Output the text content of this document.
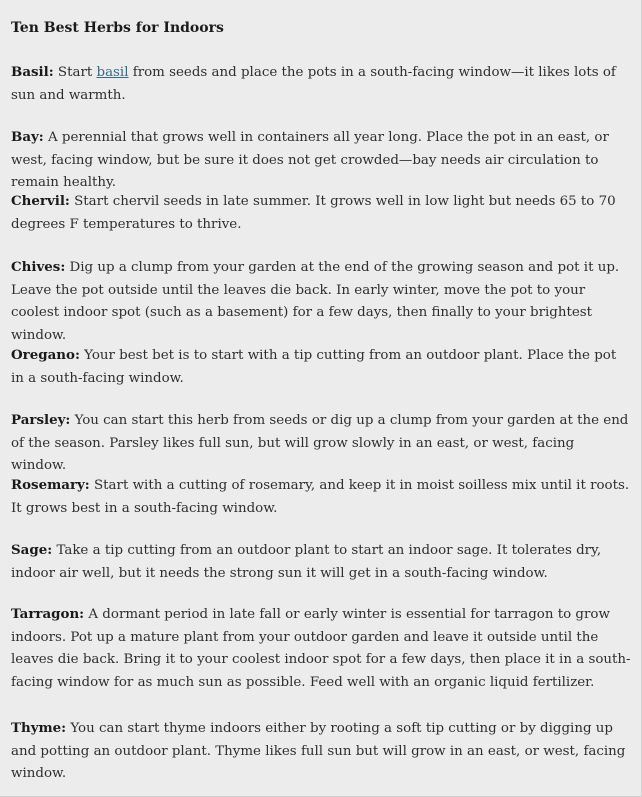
Ten Best Herbs for Indoors

Basil: Start basil from seeds and place the pots in a south-facing window—it likes lots of sun and warmth.

Bay: A perennial that grows well in containers all year long. Place the pot in an east, or west, facing window, but be sure it does not get crowded—bay needs air circulation to remain healthy.

Chervil: Start chervil seeds in late summer. It grows well in low light but needs 65 to 70 degrees F temperatures to thrive.

Chives: Dig up a clump from your garden at the end of the growing season and pot it up. Leave the pot outside until the leaves die back. In early winter, move the pot to your coolest indoor spot (such as a basement) for a few days, then finally to your brightest window.

Oregano: Your best bet is to start with a tip cutting from an outdoor plant. Place the pot in a south-facing window.

Parsley: You can start this herb from seeds or dig up a clump from your garden at the end of the season. Parsley likes full sun, but will grow slowly in an east, or west, facing window.

Rosemary: Start with a cutting of rosemary, and keep it in moist soilless mix until it roots. It grows best in a south-facing window.

Sage: Take a tip cutting from an outdoor plant to start an indoor sage. It tolerates dry, indoor air well, but it needs the strong sun it will get in a south-facing window.

Tarragon: A dormant period in late fall or early winter is essential for tarragon to grow indoors. Pot up a mature plant from your outdoor garden and leave it outside until the leaves die back. Bring it to your coolest indoor spot for a few days, then place it in a south-facing window for as much sun as possible. Feed well with an organic liquid fertilizer.

Thyme: You can start thyme indoors either by rooting a soft tip cutting or by digging up and potting an outdoor plant. Thyme likes full sun but will grow in an east, or west, facing window.
